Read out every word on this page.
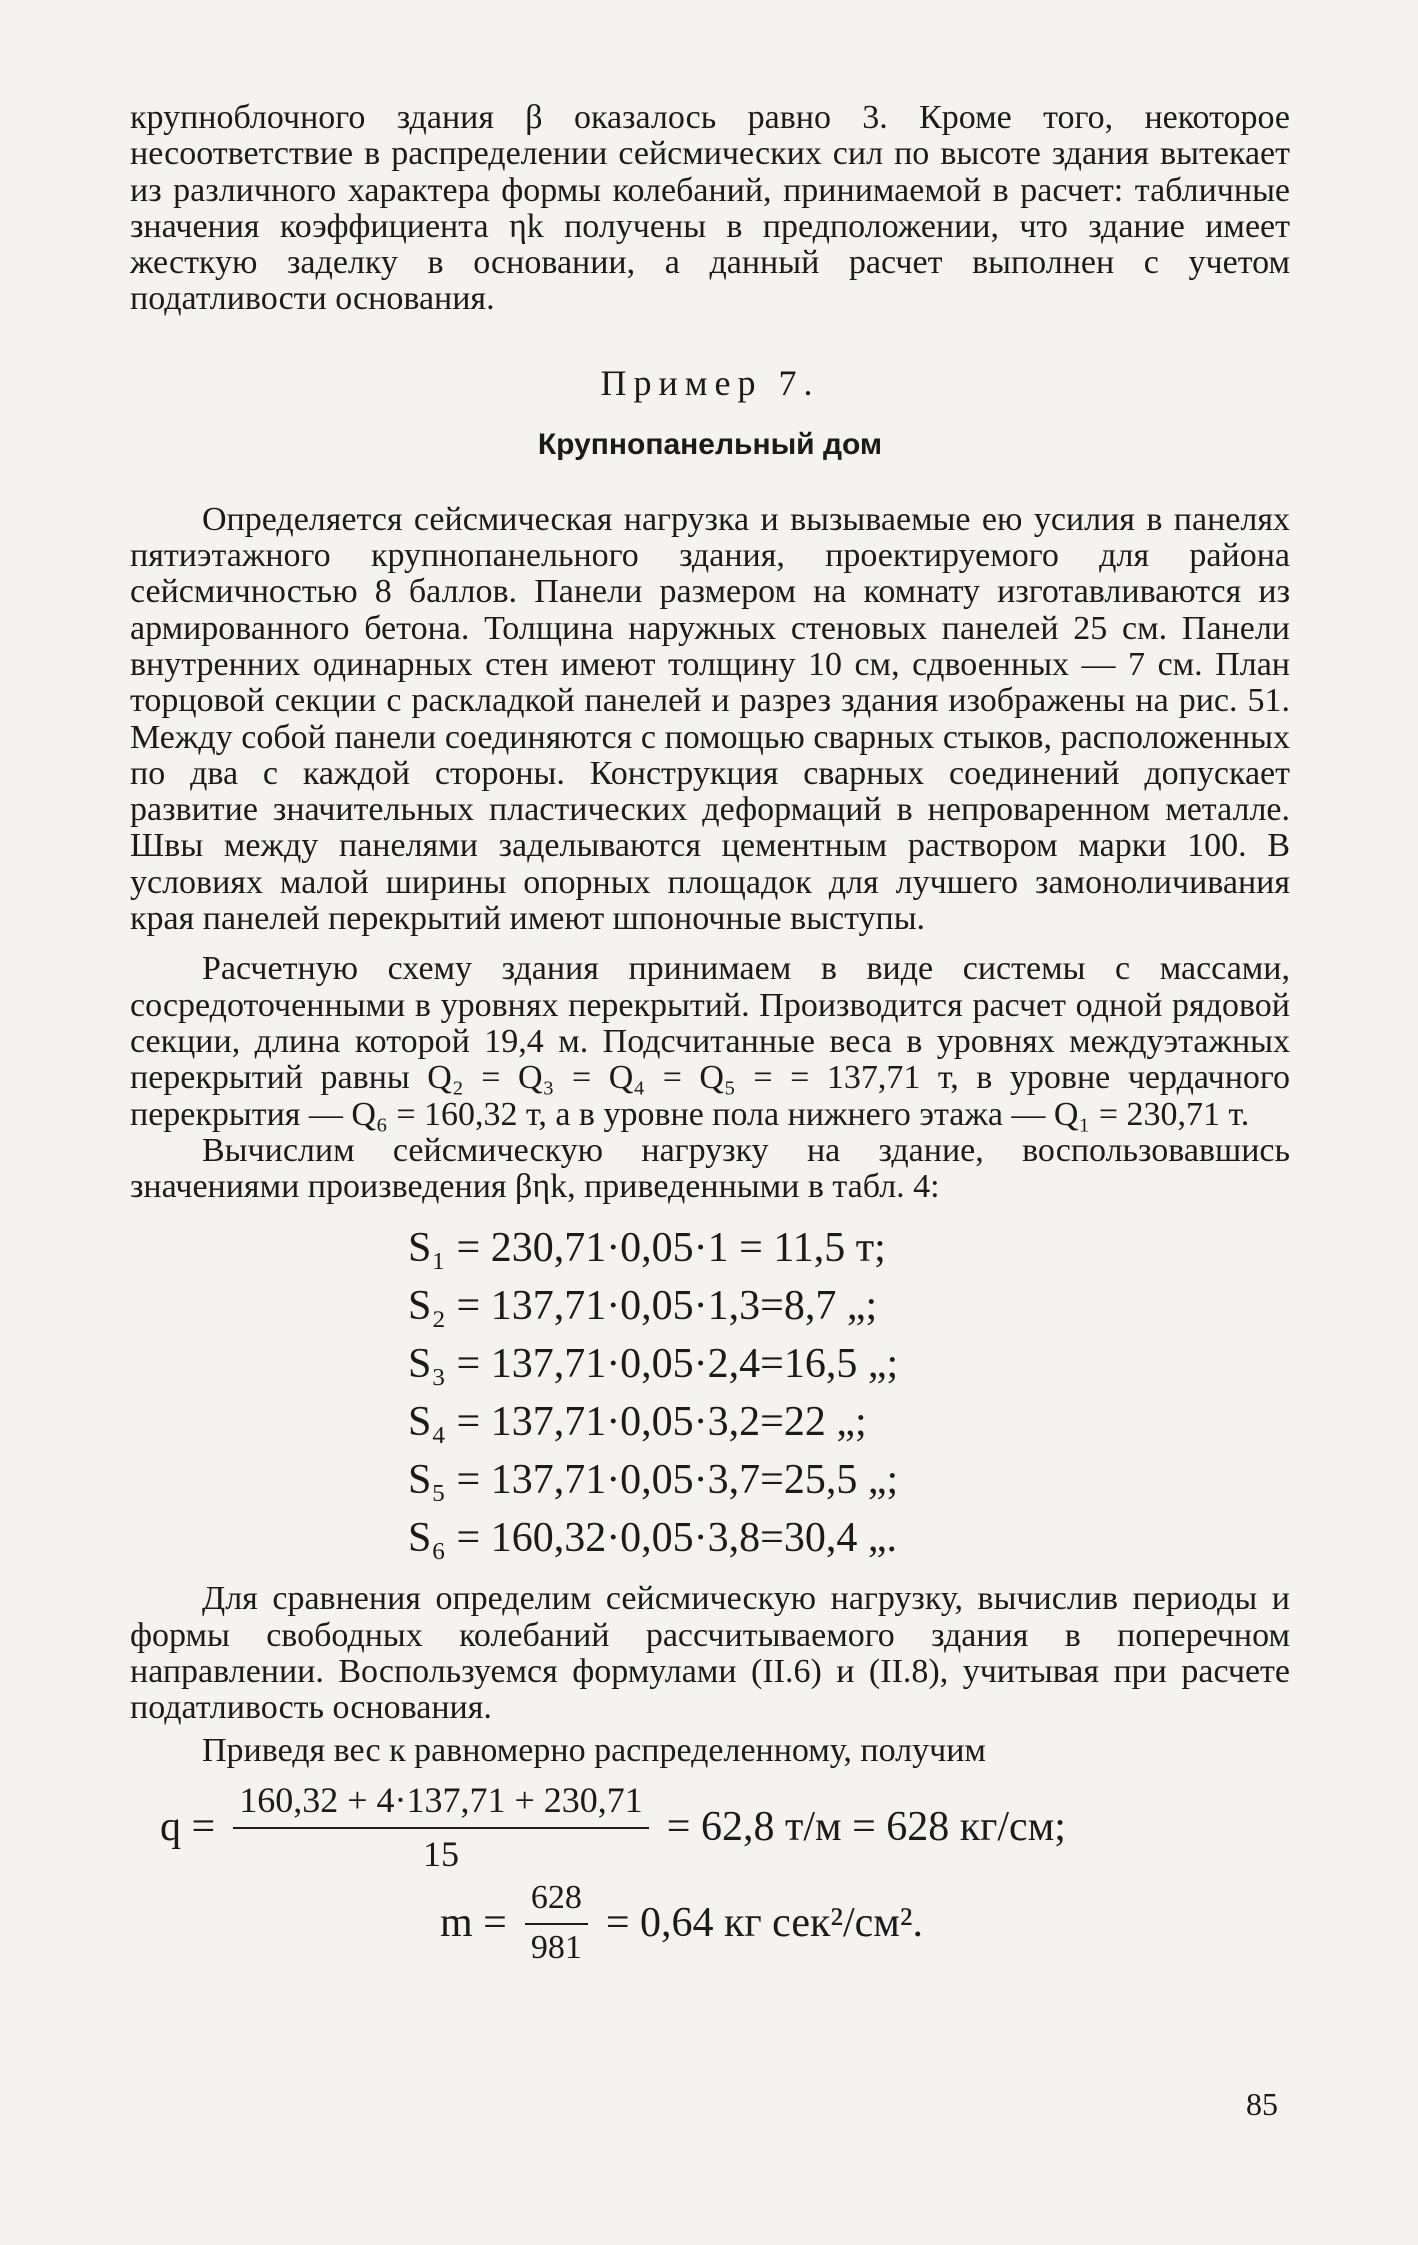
крупноблочного здания β оказалось равно 3. Кроме того, некоторое несоответствие в распределении сейсмических сил по высоте здания вытекает из различного характера формы колебаний, принимаемой в расчет: табличные значения коэффициента ηk получены в предположении, что здание имеет жесткую заделку в основании, а данный расчет выполнен с учетом податливости основания.

Пример 7.
Крупнопанельный дом

Определяется сейсмическая нагрузка и вызываемые ею усилия в панелях пятиэтажного крупнопанельного здания, проектируемого для района сейсмичностью 8 баллов. Панели размером на комнату изготавливаются из армированного бетона. Толщина наружных стеновых панелей 25 см. Панели внутренних одинарных стен имеют толщину 10 см, сдвоенных — 7 см. План торцовой секции с раскладкой панелей и разрез здания изображены на рис. 51. Между собой панели соединяются с помощью сварных стыков, расположенных по два с каждой стороны. Конструкция сварных соединений допускает развитие значительных пластических деформаций в непроваренном металле. Швы между панелями заделываются цементным раствором марки 100. В условиях малой ширины опорных площадок для лучшего замоноличивания края панелей перекрытий имеют шпоночные выступы.

Расчетную схему здания принимаем в виде системы с массами, сосредоточенными в уровнях перекрытий. Производится расчет одной рядовой секции, длина которой 19,4 м. Подсчитанные веса в уровнях междуэтажных перекрытий равны Q₂ = Q₃ = Q₄ = Q₅ = = 137,71 т, в уровне чердачного перекрытия — Q₆ = 160,32 т, а в уровне пола нижнего этажа — Q₁ = 230,71 т.

Вычислим сейсмическую нагрузку на здание, воспользовавшись значениями произведения βηk, приведенными в табл. 4:

S₁ = 230,71·0,05·1 = 11,5 т;
S₂ = 137,71·0,05·1,3=8,7 „;
S₃ = 137,71·0,05·2,4=16,5 „;
S₄ = 137,71·0,05·3,2=22 „;
S₅ = 137,71·0,05·3,7=25,5 „;
S₆ = 160,32·0,05·3,8=30,4 „.

Для сравнения определим сейсмическую нагрузку, вычислив периоды и формы свободных колебаний рассчитываемого здания в поперечном направлении. Воспользуемся формулами (II.6) и (II.8), учитывая при расчете податливость основания.

Приведя вес к равномерно распределенному, получим

$q = \frac{160,32 + 4\cdot 137,71 + 230,71}{15} = 62,8$ т/м = 628 кг/см;
$m = \frac{628}{981} = 0,64$ кг сек²/см².
85
